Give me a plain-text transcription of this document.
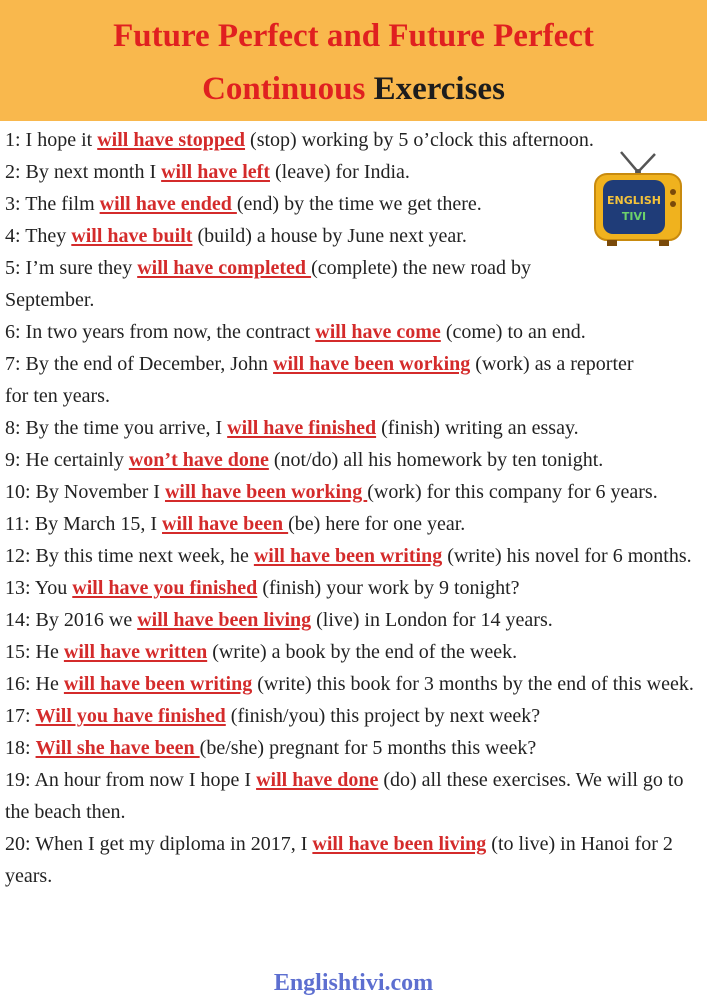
Future Perfect and Future Perfect
Continuous Exercises

1: I hope it will have stopped (stop) working by 5 o’clock this afternoon.

2: By next month I will have left (leave) for India.

3: The film will have ended (end) by the time we get there.

4: They will have built (build) a house by June next year.

5: I’m sure they will have completed (complete) the new road by September.

6: In two years from now, the contract will have come (come) to an end.

7: By the end of December, John will have been working (work) as a reporter for ten years.

8: By the time you arrive, I will have finished (finish) writing an essay.

9: He certainly won’t have done (not/do) all his homework by ten tonight.

10: By November I will have been working (work) for this company for 6 years.

11: By March 15, I will have been (be) here for one year.

12: By this time next week, he will have been writing (write) his novel for 6 months.

13: You will have you finished (finish) your work by 9 tonight?

14: By 2016 we will have been living (live) in London for 14 years.

15: He will have written (write) a book by the end of the week.

16: He will have been writing (write) this book for 3 months by the end of this week.

17: Will you have finished (finish/you) this project by next week?

18: Will she have been (be/she) pregnant for 5 months this week?

19: An hour from now I hope I will have done (do) all these exercises. We will go to the beach then.

20: When I get my diploma in 2017, I will have been living (to live) in Hanoi for 2 years.

ENGLISH
TIVI
Englishtivi.com
